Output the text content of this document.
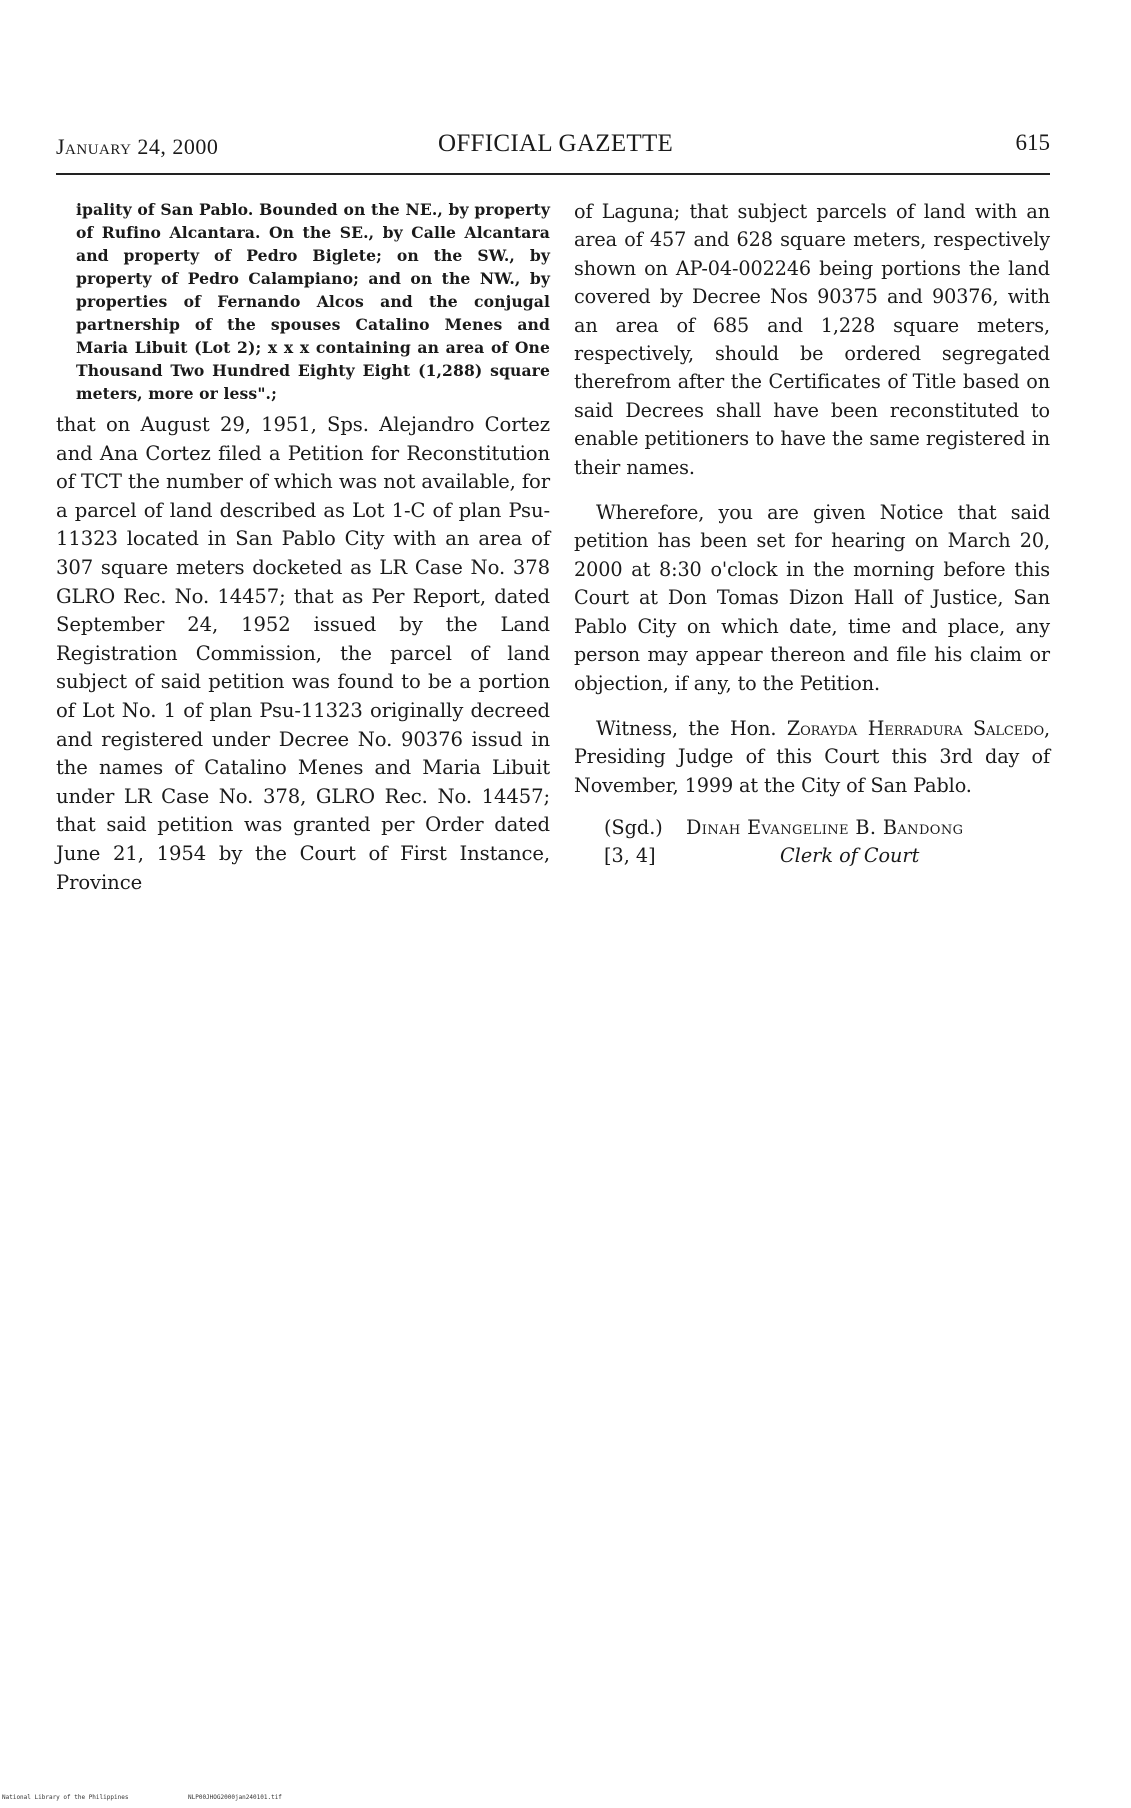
January 24, 2000	OFFICIAL GAZETTE	615

ipality of San Pablo. Bounded on the NE., by property of Rufino Alcantara. On the SE., by Calle Alcantara and property of Pedro Biglete; on the SW., by property of Pedro Calampiano; and on the NW., by properties of Fernando Alcos and the conjugal partnership of the spouses Catalino Menes and Maria Libuit (Lot 2); x x x containing an area of One Thousand Two Hundred Eighty Eight (1,288) square meters, more or less".;

that on August 29, 1951, Sps. Alejandro Cortez and Ana Cortez filed a Petition for Reconstitution of TCT the number of which was not available, for a parcel of land described as Lot 1-C of plan Psu-11323 located in San Pablo City with an area of 307 square meters docketed as LR Case No. 378 GLRO Rec. No. 14457; that as Per Report, dated September 24, 1952 issued by the Land Registration Commission, the parcel of land subject of said petition was found to be a portion of Lot No. 1 of plan Psu-11323 originally decreed and registered under Decree No. 90376 issud in the names of Catalino Menes and Maria Libuit under LR Case No. 378, GLRO Rec. No. 14457; that said petition was granted per Order dated June 21, 1954 by the Court of First Instance, Province

of Laguna; that subject parcels of land with an area of 457 and 628 square meters, respectively shown on AP-04-002246 being portions the land covered by Decree Nos 90375 and 90376, with an area of 685 and 1,228 square meters, respectively, should be ordered segregated therefrom after the Certificates of Title based on said Decrees shall have been reconstituted to enable petitioners to have the same registered in their names.

Wherefore, you are given Notice that said petition has been set for hearing on March 20, 2000 at 8:30 o'clock in the morning before this Court at Don Tomas Dizon Hall of Justice, San Pablo City on which date, time and place, any person may appear thereon and file his claim or objection, if any, to the Petition.

Witness, the Hon. Zorayda Herradura Salcedo, Presiding Judge of this Court this 3rd day of November, 1999 at the City of San Pablo.

(Sgd.) Dinah Evangeline B. Bandong
[3, 4]	Clerk of Court
National Library of the Philippines	NLP00JHOG2000jan240101.tif
